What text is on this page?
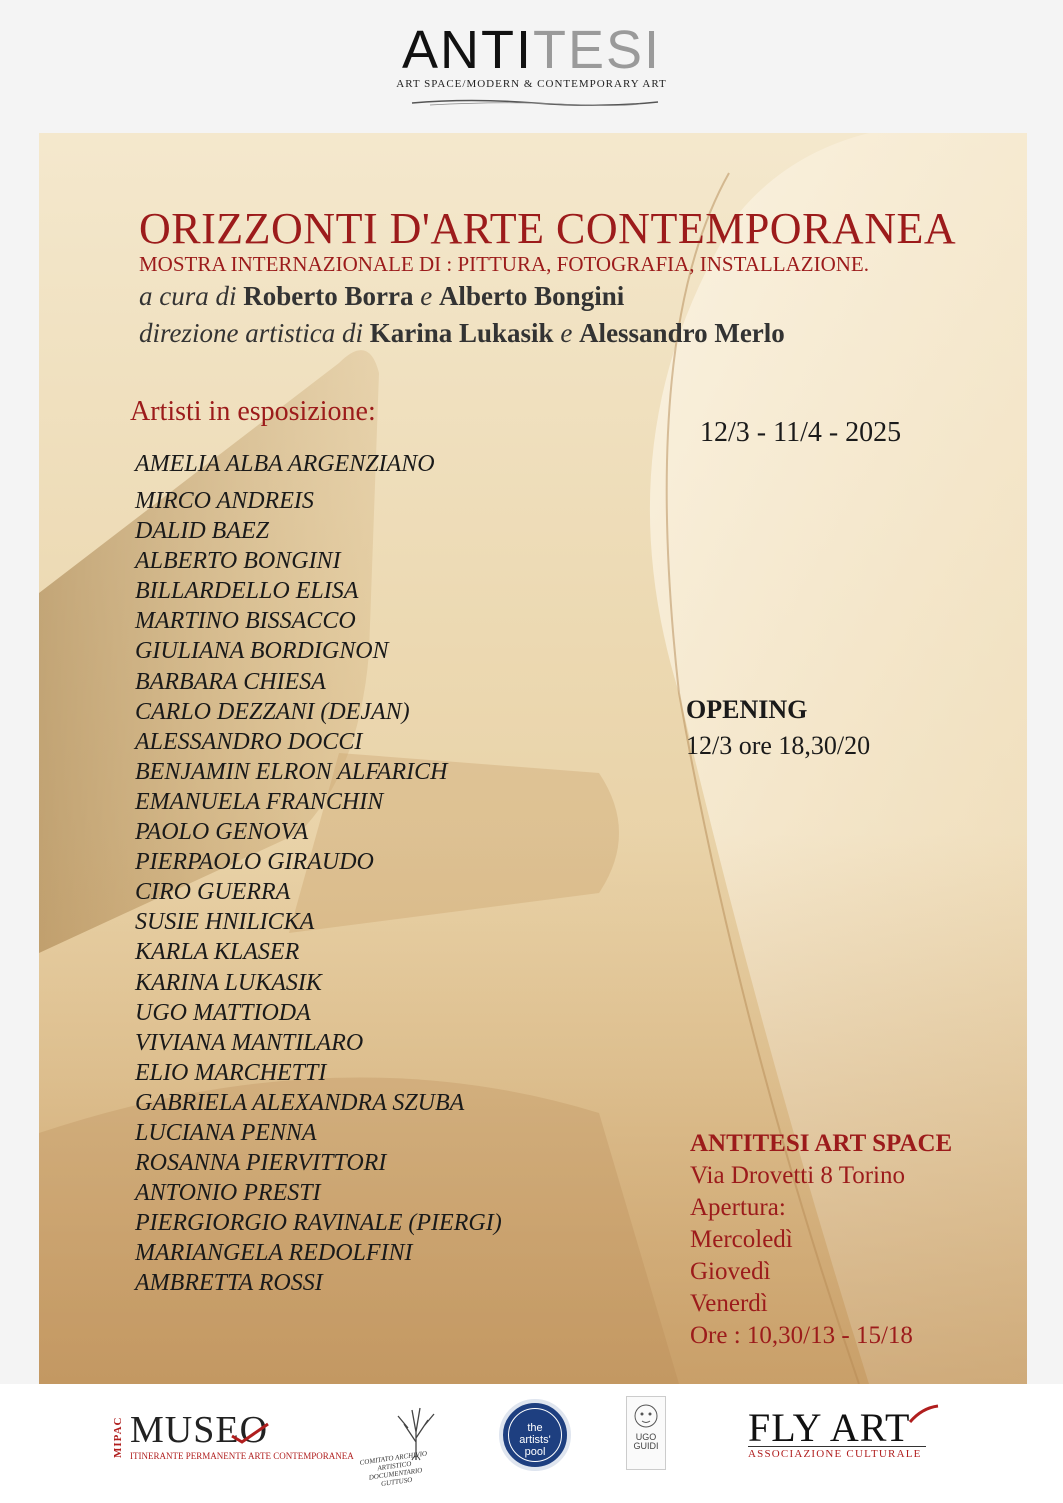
ANTITESI
ART SPACE/MODERN & CONTEMPORARY ART
ORIZZONTI D'ARTE CONTEMPORANEA
MOSTRA INTERNAZIONALE DI : PITTURA, FOTOGRAFIA, INSTALLAZIONE.
a cura di Roberto Borra e Alberto Bongini
direzione artistica di Karina Lukasik e Alessandro Merlo
Artisti in esposizione:
AMELIA ALBA ARGENZIANO
MIRCO ANDREIS
DALID BAEZ
ALBERTO BONGINI
BILLARDELLO ELISA
MARTINO BISSACCO
GIULIANA BORDIGNON
BARBARA CHIESA
CARLO DEZZANI (DEJAN)
ALESSANDRO DOCCI
BENJAMIN ELRON ALFARICH
EMANUELA FRANCHIN
PAOLO GENOVA
PIERPAOLO GIRAUDO
CIRO GUERRA
SUSIE HNILICKA
KARLA KLASER
KARINA LUKASIK
UGO MATTIODA
VIVIANA MANTILARO
ELIO MARCHETTI
GABRIELA ALEXANDRA SZUBA
LUCIANA PENNA
ROSANNA PIERVITTORI
ANTONIO PRESTI
PIERGIORGIO RAVINALE (PIERGI)
MARIANGELA REDOLFINI
AMBRETTA ROSSI
12/3 - 11/4 - 2025
OPENING
12/3 ore 18,30/20
ANTITESI ART SPACE
Via Drovetti 8 Torino
Apertura:
Mercoledì
Giovedì
Venerdì
Ore : 10,30/13 - 15/18
MIPAC MUSEO
ITINERANTE PERMANENTE ARTE CONTEMPORANEA COMITATO ARCHIVIO ARTISTICO DOCUMENTARIO GUTTUSO
the
artists'
pool
UGO
GUIDI FLY ART
ASSOCIAZIONE CULTURALE
